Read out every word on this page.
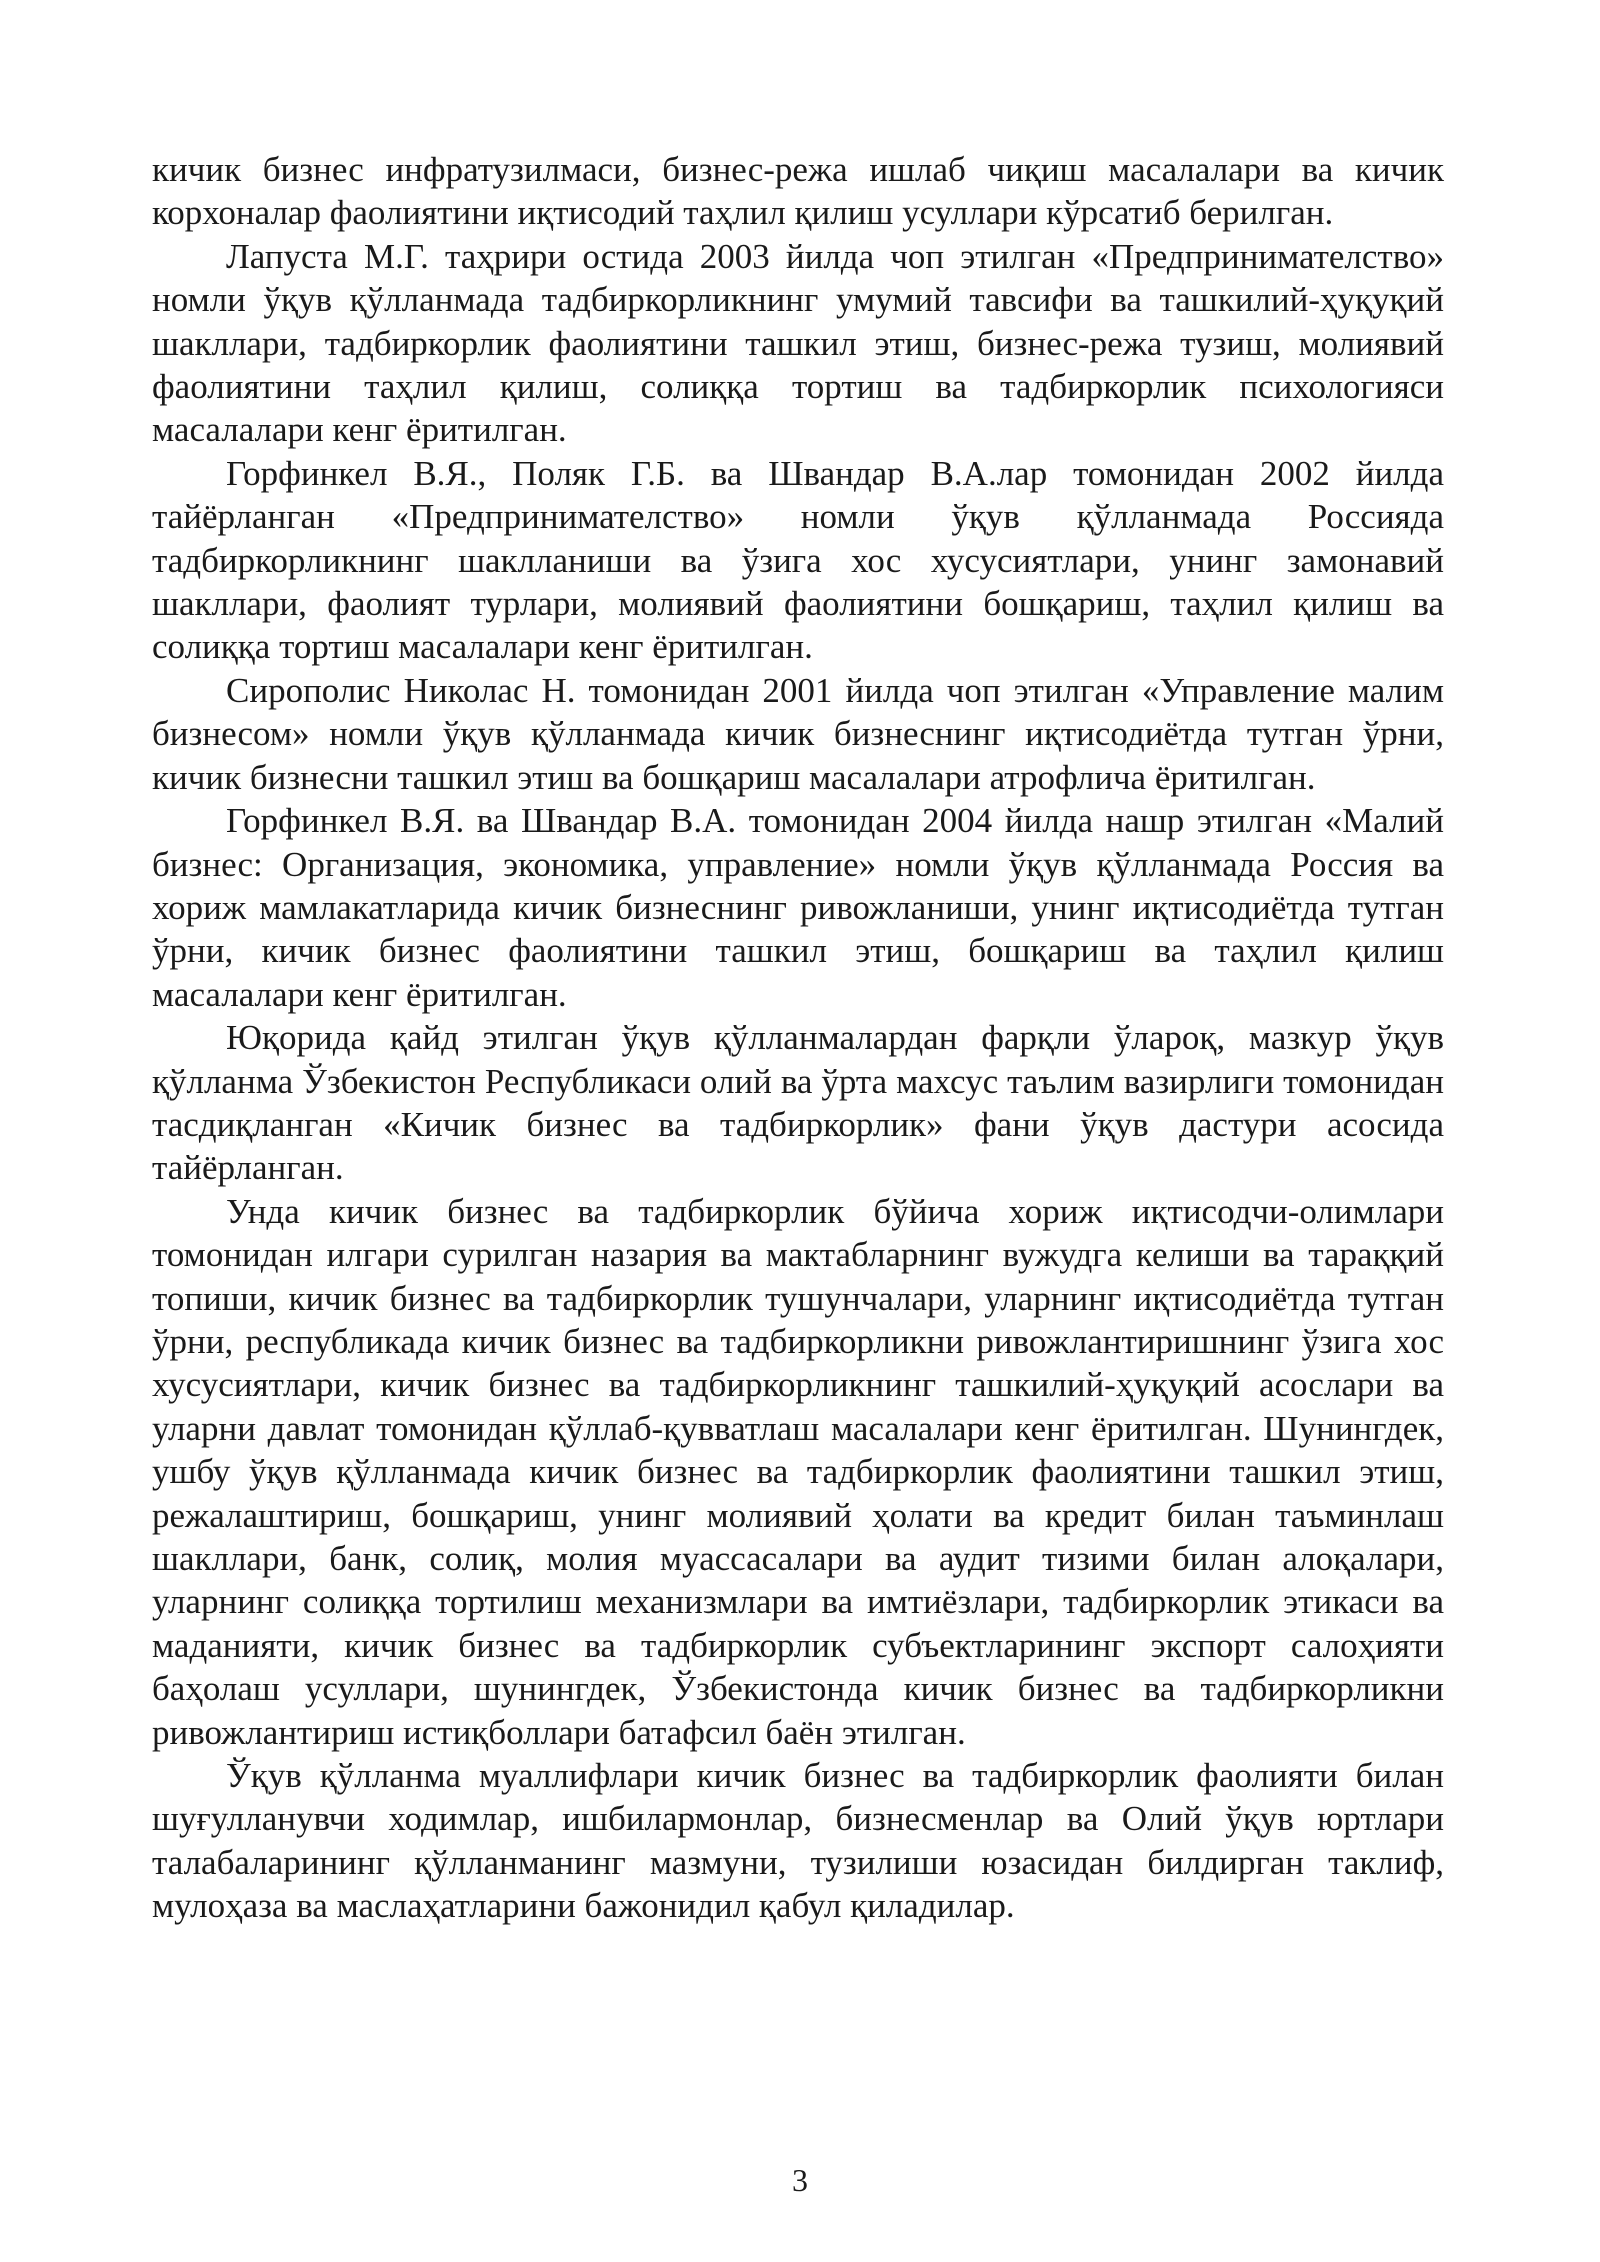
кичик бизнес инфратузилмаси, бизнес-режа ишлаб чиқиш масалалари ва кичик корхоналар фаолиятини иқтисодий таҳлил қилиш усуллари кўрсатиб берилган.

Лапуста М.Г. таҳрири остида 2003 йилда чоп этилган «Предпринимателство» номли ўқув қўлланмада тадбиркорликнинг умумий тавсифи ва ташкилий-ҳуқуқий шакллари, тадбиркорлик фаолиятини ташкил этиш, бизнес-режа тузиш, молиявий фаолиятини таҳлил қилиш, солиққа тортиш ва тадбиркорлик психологияси масалалари кенг ёритилган.

Горфинкел В.Я., Поляк Г.Б. ва Швандар В.А.лар томонидан 2002 йилда тайёрланган «Предпринимателство» номли ўқув қўлланмада Россияда тадбиркорликнинг шаклланиши ва ўзига хос хусусиятлари, унинг замонавий шакллари, фаолият турлари, молиявий фаолиятини бошқариш, таҳлил қилиш ва солиққа тортиш масалалари кенг ёритилган.

Сирополис Николас Н. томонидан 2001 йилда чоп этилган «Управление малим бизнесом» номли ўқув қўлланмада кичик бизнеснинг иқтисодиётда тутган ўрни, кичик бизнесни ташкил этиш ва бошқариш масалалари атрофлича ёритилган.

Горфинкел В.Я. ва Швандар В.А. томонидан 2004 йилда нашр этилган «Малий бизнес: Организация, экономика, управление» номли ўқув қўлланмада Россия ва хориж мамлакатларида кичик бизнеснинг ривожланиши, унинг иқтисодиётда тутган ўрни, кичик бизнес фаолиятини ташкил этиш, бошқариш ва таҳлил қилиш масалалари кенг ёритилган.

Юқорида қайд этилган ўқув қўлланмалардан фарқли ўлароқ, мазкур ўқув қўлланма Ўзбекистон Республикаси олий ва ўрта махсус таълим вазирлиги томонидан тасдиқланган «Кичик бизнес ва тадбиркорлик» фани ўқув дастури асосида тайёрланган.

Унда кичик бизнес ва тадбиркорлик бўйича хориж иқтисодчи-олимлари томонидан илгари сурилган назария ва мактабларнинг вужудга келиши ва тараққий топиши, кичик бизнес ва тадбиркорлик тушунчалари, уларнинг иқтисодиётда тутган ўрни, республикада кичик бизнес ва тадбиркорликни ривожлантиришнинг ўзига хос хусусиятлари, кичик бизнес ва тадбиркорликнинг ташкилий-ҳуқуқий асослари ва уларни давлат томонидан қўллаб-қувватлаш масалалари кенг ёритилган. Шунингдек, ушбу ўқув қўлланмада кичик бизнес ва тадбиркорлик фаолиятини ташкил этиш, режалаштириш, бошқариш, унинг молиявий ҳолати ва кредит билан таъминлаш шакллари, банк, солиқ, молия муассасалари ва аудит тизими билан алоқалари, уларнинг солиққа тортилиш механизмлари ва имтиёзлари, тадбиркорлик этикаси ва маданияти, кичик бизнес ва тадбиркорлик субъектларининг экспорт салоҳияти баҳолаш усуллари, шунингдек, Ўзбекистонда кичик бизнес ва тадбиркорликни ривожлантириш истиқболлари батафсил баён этилган.

Ўқув қўлланма муаллифлари кичик бизнес ва тадбиркорлик фаолияти билан шуғулланувчи ходимлар, ишбилармонлар, бизнесменлар ва Олий ўқув юртлари талабаларининг қўлланманинг мазмуни, тузилиши юзасидан билдирган таклиф, мулоҳаза ва маслаҳатларини бажонидил қабул қиладилар.

3
